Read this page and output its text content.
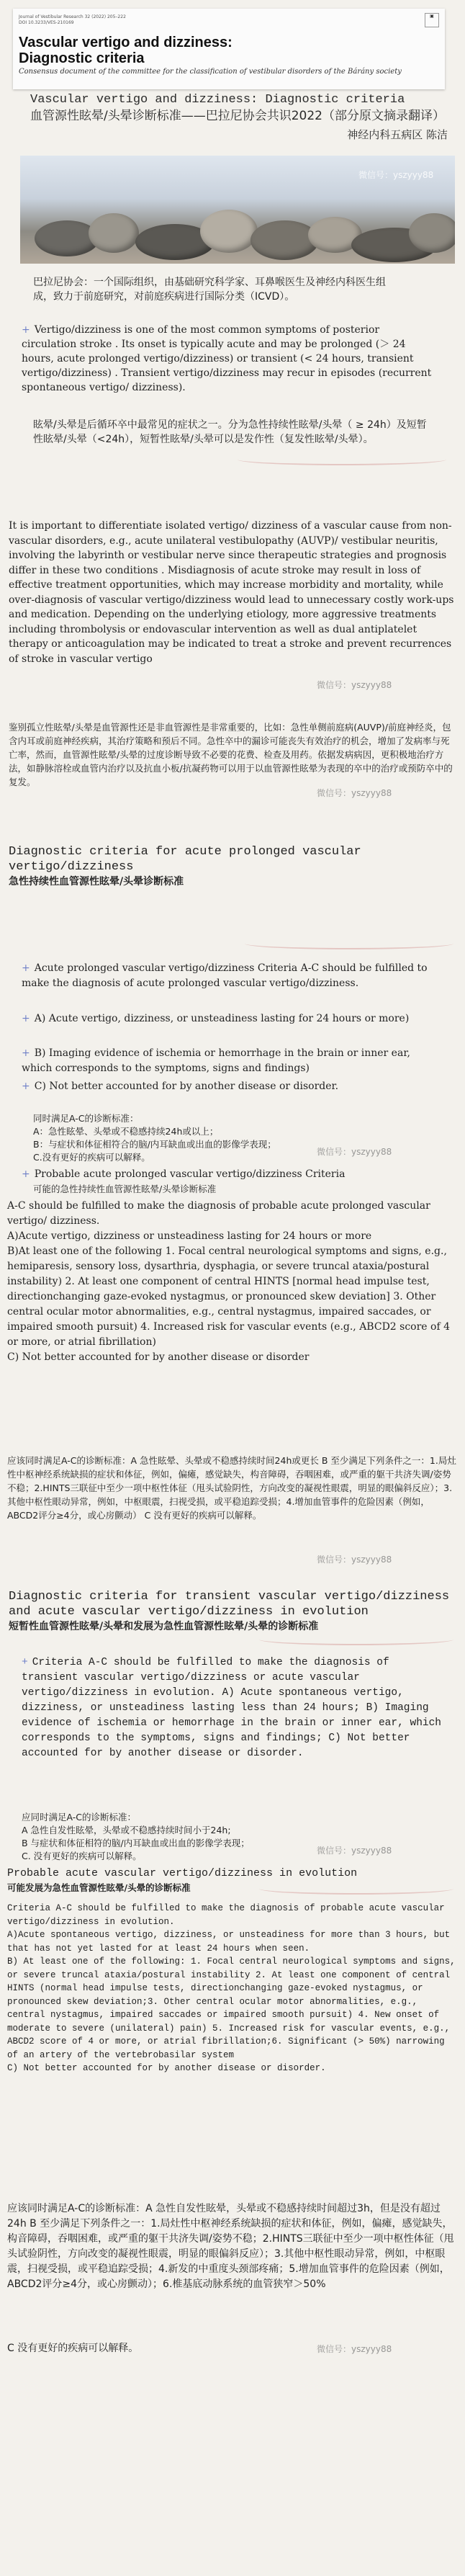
Journal of Vestibular Research 32 (2022) 205–222
DOI 10.3233/VES-210169
▣
Vascular vertigo and dizziness:
Diagnostic criteria
Consensus document of the committee for the classification of vestibular disorders of the Bárány society
Vascular vertigo and dizziness: Diagnostic criteria
血管源性眩晕/头晕诊断标准——巴拉尼协会共识2022（部分原文摘录翻译）
神经内科五病区 陈洁
微信号：yszyyy88
巴拉尼协会：一个国际组织，由基础研究科学家、耳鼻喉医生及神经内科医生组成，致力于前庭研究，对前庭疾病进行国际分类（ICVD）。
+ Vertigo/dizziness is one of the most common symptoms of posterior circulation stroke . Its onset is typically acute and may be prolonged (＞ 24 hours, acute prolonged vertigo/dizziness) or transient (< 24 hours, transient vertigo/dizziness) . Transient vertigo/dizziness may recur in episodes (recurrent spontaneous vertigo/ dizziness).
眩晕/头晕是后循环卒中最常见的症状之一。分为急性持续性眩晕/头晕（ ≥ 24h）及短暂性眩晕/头晕（<24h），短暂性眩晕/头晕可以是发作性（复发性眩晕/头晕）。
It is important to differentiate isolated vertigo/ dizziness of a vascular cause from non-vascular disorders, e.g., acute unilateral vestibulopathy (AUVP)/ vestibular neuritis, involving the labyrinth or vestibular nerve since therapeutic strategies and prognosis differ in these two conditions . Misdiagnosis of acute stroke may result in loss of effective treatment opportunities, which may increase morbidity and mortality, while over-diagnosis of vascular vertigo/dizziness would lead to unnecessary costly work-ups and medication. Depending on the underlying etiology, more aggressive treatments including thrombolysis or endovascular intervention as well as dual antiplatelet therapy or anticoagulation may be indicated to treat a stroke and prevent recurrences of stroke in vascular vertigo
微信号：yszyyy88
鉴别孤立性眩晕/头晕是血管源性还是非血管源性是非常重要的，比如：急性单侧前庭病(AUVP)/前庭神经炎，包含内耳或前庭神经疾病，其治疗策略和预后不同。急性卒中的漏诊可能丧失有效治疗的机会，增加了发病率与死亡率，然而，血管源性眩晕/头晕的过度诊断导致不必要的花费、检查及用药。依据发病病因，更积极地治疗方法，如静脉溶栓或血管内治疗以及抗血小板/抗凝药物可以用于以血管源性眩晕为表现的卒中的治疗或预防卒中的复发。
微信号：yszyyy88
Diagnostic criteria for acute prolonged vascular vertigo/dizziness
急性持续性血管源性眩晕/头晕诊断标准
+ Acute prolonged vascular vertigo/dizziness Criteria A-C should be fulfilled to make the diagnosis of acute prolonged vascular vertigo/dizziness.
+ A) Acute vertigo, dizziness, or unsteadiness lasting for 24 hours or more)
+ B) Imaging evidence of ischemia or hemorrhage in the brain or inner ear, which corresponds to the symptoms, signs and findings)
+ C) Not better accounted for by another disease or disorder.
同时满足A-C的诊断标准：
A：急性眩晕、头晕或不稳感持续24h或以上；
B：与症状和体征相符合的脑/内耳缺血或出血的影像学表现；
C.没有更好的疾病可以解释。	微信号：yszyyy88
+ Probable acute prolonged vascular vertigo/dizziness Criteria
可能的急性持续性血管源性眩晕/头晕诊断标准
A-C should be fulfilled to make the diagnosis of probable acute prolonged vascular vertigo/ dizziness.
A)Acute vertigo, dizziness or unsteadiness lasting for 24 hours or more
B)At least one of the following 1. Focal central neurological symptoms and signs, e.g., hemiparesis, sensory loss, dysarthria, dysphagia, or severe truncal ataxia/postural instability) 2. At least one component of central HINTS [normal head impulse test, directionchanging gaze-evoked nystagmus, or pronounced skew deviation] 3. Other central ocular motor abnormalities, e.g., central nystagmus, impaired saccades, or impaired smooth pursuit) 4. Increased risk for vascular events (e.g., ABCD2 score of 4 or more, or atrial fibrillation)
C) Not better accounted for by another disease or disorder
应该同时满足A-C的诊断标准：A 急性眩晕、头晕或不稳感持续时间24h或更长 B 至少满足下列条件之一：1.局灶性中枢神经系统缺损的症状和体征，例如，偏瘫，感觉缺失，构音障碍，吞咽困难，或严重的躯干共济失调/姿势不稳；2.HINTS三联征中至少一项中枢性体征（甩头试验阴性，方向改变的凝视性眼震，明显的眼偏斜反应）；3.其他中枢性眼动异常，例如，中枢眼震，扫视受损，或平稳追踪受损；4.增加血管事件的危险因素（例如，ABCD2评分≥4分，或心房颤动） C 没有更好的疾病可以解释。
微信号：yszyyy88
Diagnostic criteria for transient vascular vertigo/dizziness and acute vascular vertigo/dizziness in evolution
短暂性血管源性眩晕/头晕和发展为急性血管源性眩晕/头晕的诊断标准
+ Criteria A-C should be fulfilled to make the diagnosis of transient vascular vertigo/dizziness or acute vascular vertigo/dizziness in evolution. A) Acute spontaneous vertigo, dizziness, or unsteadiness lasting less than 24 hours; B) Imaging evidence of ischemia or hemorrhage in the brain or inner ear, which corresponds to the symptoms, signs and findings; C) Not better accounted for by another disease or disorder.
应同时满足A-C的诊断标准：
A 急性自发性眩晕，头晕或不稳感持续时间小于24h;
B 与症状和体征相符的脑/内耳缺血或出血的影像学表现；
C. 没有更好的疾病可以解释。	微信号：yszyyy88
Probable acute vascular vertigo/dizziness in evolution
可能发展为急性血管源性眩晕/头晕的诊断标准
Criteria A-C should be fulfilled to make the diagnosis of probable acute vascular vertigo/dizziness in evolution.
A)Acute spontaneous vertigo, dizziness, or unsteadiness for more than 3 hours, but that has not yet lasted for at least 24 hours when seen.
B) At least one of the following: 1. Focal central neurological symptoms and signs, or severe truncal ataxia/postural instability 2. At least one component of central HINTS (normal head impulse tests, directionchanging gaze-evoked nystagmus, or pronounced skew deviation;3. Other central ocular motor abnormalities, e.g., central nystagmus, impaired saccades or impaired smooth pursuit) 4. New onset of moderate to severe (unilateral) pain) 5. Increased risk for vascular events, e.g., ABCD2 score of 4 or more, or atrial fibrillation;6. Significant (> 50%) narrowing of an artery of the vertebrobasilar system
C) Not better accounted for by another disease or disorder.
应该同时满足A-C的诊断标准：A 急性自发性眩晕，头晕或不稳感持续时间超过3h，但是没有超过24h B 至少满足下列条件之一：1.局灶性中枢神经系统缺损的症状和体征，例如，偏瘫，感觉缺失，构音障碍，吞咽困难，或严重的躯干共济失调/姿势不稳；2.HINTS三联征中至少一项中枢性体征（甩头试验阴性，方向改变的凝视性眼震，明显的眼偏斜反应）；3.其他中枢性眼动异常，例如，中枢眼震，扫视受损，或平稳追踪受损；4.新发的中重度头颈部疼痛；5.增加血管事件的危险因素（例如，ABCD2评分≥4分，或心房颤动）；6.椎基底动脉系统的血管狭窄＞50%
C 没有更好的疾病可以解释。	微信号：yszyyy88
